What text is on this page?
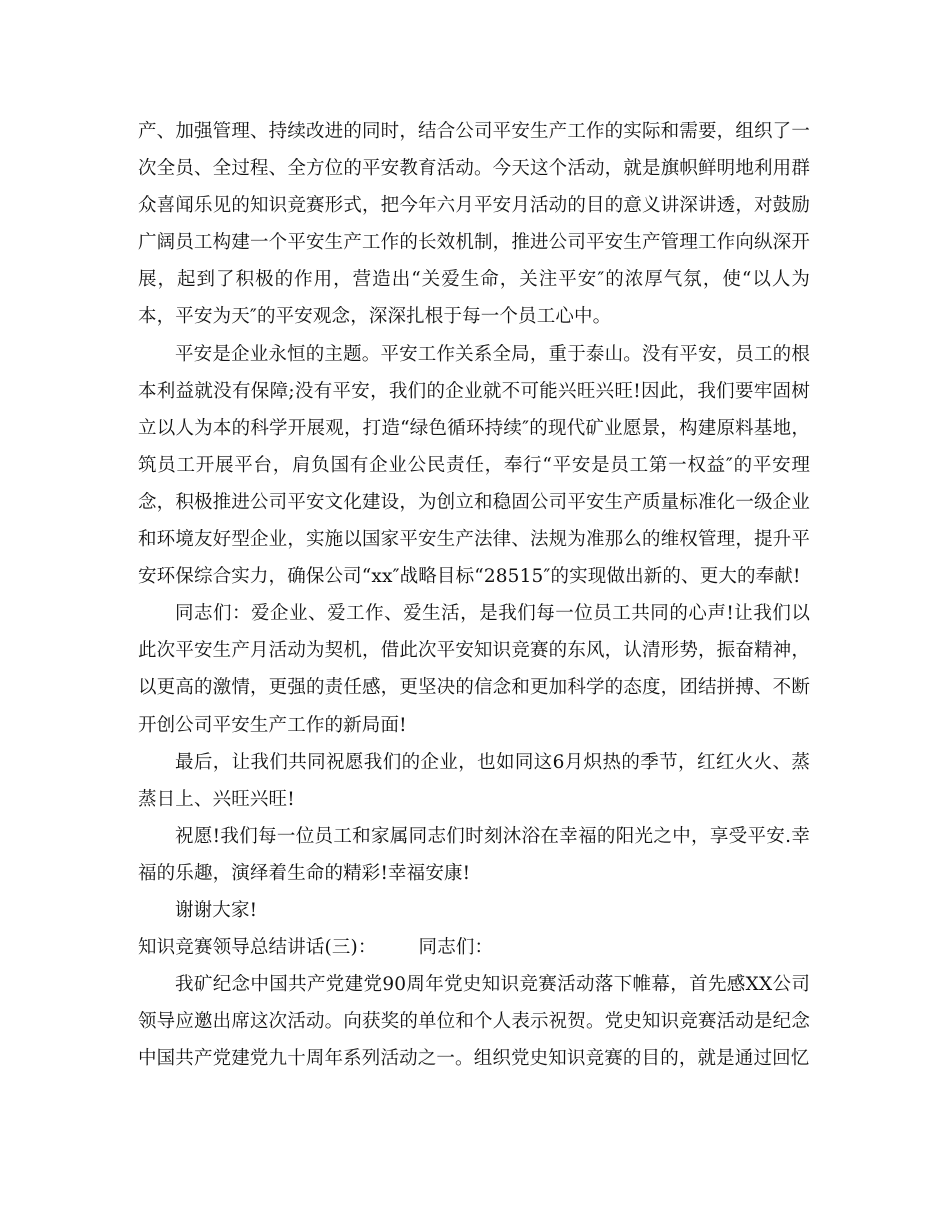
产、加强管理、持续改进的同时，结合公司平安生产工作的实际和需要，组织了一次全员、全过程、全方位的平安教育活动。今天这个活动，就是旗帜鲜明地利用群众喜闻乐见的知识竞赛形式，把今年六月平安月活动的目的意义讲深讲透，对鼓励广阔员工构建一个平安生产工作的长效机制，推进公司平安生产管理工作向纵深开展，起到了积极的作用，营造出“关爱生命，关注平安″的浓厚气氛，使“以人为本，平安为天″的平安观念，深深扎根于每一个员工心中。

平安是企业永恒的主题。平安工作关系全局，重于泰山。没有平安，员工的根本利益就没有保障;没有平安，我们的企业就不可能兴旺兴旺!因此，我们要牢固树立以人为本的科学开展观，打造“绿色循环持续″的现代矿业愿景，构建原料基地，筑员工开展平台，肩负国有企业公民责任，奉行“平安是员工第一权益″的平安理念，积极推进公司平安文化建设，为创立和稳固公司平安生产质量标准化一级企业和环境友好型企业，实施以国家平安生产法律、法规为准那么的维权管理，提升平安环保综合实力，确保公司“xx″战略目标“28515″的实现做出新的、更大的奉献!

同志们：爱企业、爱工作、爱生活，是我们每一位员工共同的心声!让我们以此次平安生产月活动为契机，借此次平安知识竞赛的东风，认清形势，振奋精神，以更高的激情，更强的责任感，更坚决的信念和更加科学的态度，团结拼搏、不断开创公司平安生产工作的新局面!

最后，让我们共同祝愿我们的企业，也如同这6月炽热的季节，红红火火、蒸蒸日上、兴旺兴旺!

祝愿!我们每一位员工和家属同志们时刻沐浴在幸福的阳光之中，享受平安.幸福的乐趣，演绎着生命的精彩!幸福安康!

谢谢大家!

知识竞赛领导总结讲话(三)： 同志们：

我矿纪念中国共产党建党90周年党史知识竞赛活动落下帷幕，首先感XX公司领导应邀出席这次活动。向获奖的单位和个人表示祝贺。党史知识竞赛活动是纪念中国共产党建党九十周年系列活动之一。组织党史知识竞赛的目的，就是通过回忆
